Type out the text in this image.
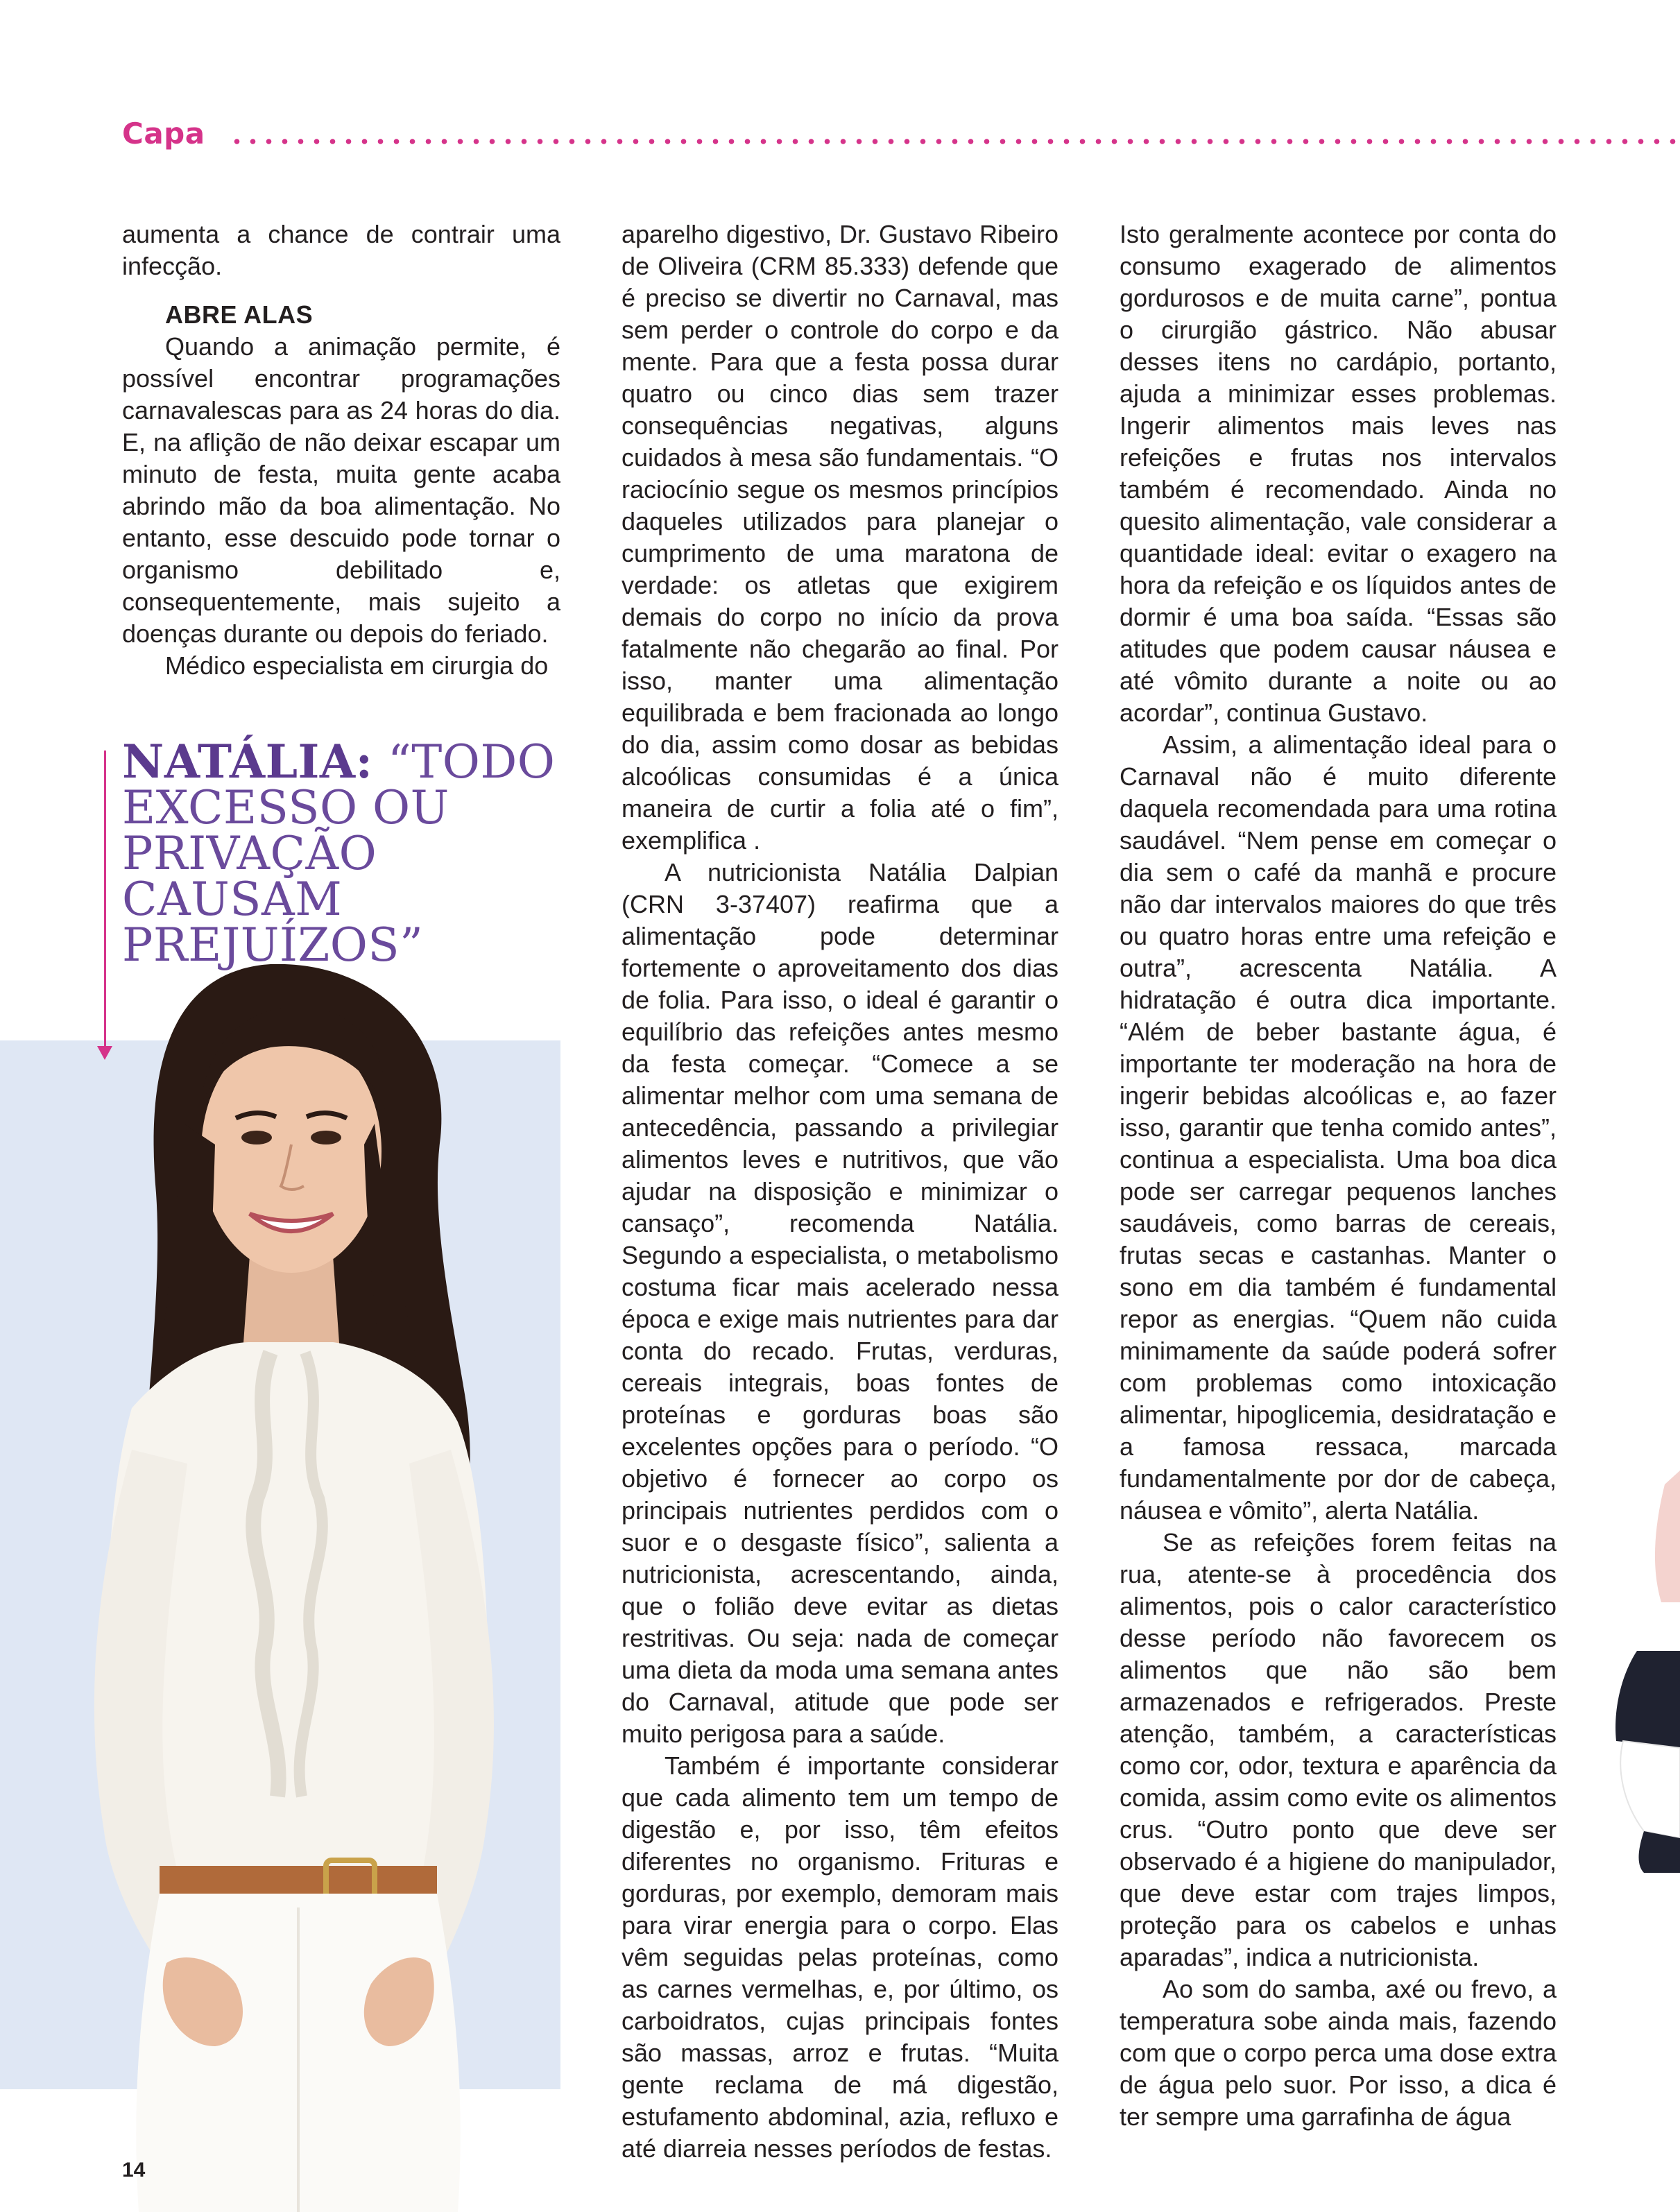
Capa

aumenta a chance de contrair uma infecção.

ABRE ALAS

Quando a animação permite, é possível encontrar programações carnavalescas para as 24 horas do dia. E, na aflição de não deixar escapar um minuto de festa, muita gente acaba abrindo mão da boa alimentação. No entanto, esse descuido pode tornar o organismo debilitado e, consequentemente, mais sujeito a doenças durante ou depois do feriado.

Médico especialista em cirurgia do

NATÁLIA: “TODO EXCESSO OU PRIVAÇÃO CAUSAM PREJUÍZOS”

aparelho digestivo, Dr. Gustavo Ribeiro de Oliveira (CRM 85.333) defende que é preciso se divertir no Carnaval, mas sem perder o controle do corpo e da mente. Para que a festa possa durar quatro ou cinco dias sem trazer consequências negativas, alguns cuidados à mesa são fundamentais. “O raciocínio segue os mesmos princípios daqueles utilizados para planejar o cumprimento de uma maratona de verdade: os atletas que exigirem demais do corpo no início da prova fatalmente não chegarão ao final. Por isso, manter uma alimentação equilibrada e bem fracionada ao longo do dia, assim como dosar as bebidas alcoólicas consumidas é a única maneira de curtir a folia até o fim”, exemplifica .

A nutricionista Natália Dalpian (CRN 3-37407) reafirma que a alimentação pode determinar fortemente o aproveitamento dos dias de folia. Para isso, o ideal é garantir o equilíbrio das refeições antes mesmo da festa começar. “Comece a se alimentar melhor com uma semana de antecedência, passando a privilegiar alimentos leves e nutritivos, que vão ajudar na disposição e minimizar o cansaço”, recomenda Natália. Segundo a especialista, o metabolismo costuma ficar mais acelerado nessa época e exige mais nutrientes para dar conta do recado. Frutas, verduras, cereais integrais, boas fontes de proteínas e gorduras boas são excelentes opções para o período. “O objetivo é fornecer ao corpo os principais nutrientes perdidos com o suor e o desgaste físico”, salienta a nutricionista, acrescentando, ainda, que o folião deve evitar as dietas restritivas. Ou seja: nada de começar uma dieta da moda uma semana antes do Carnaval, atitude que pode ser muito perigosa para a saúde.

Também é importante considerar que cada alimento tem um tempo de digestão e, por isso, têm efeitos diferentes no organismo. Frituras e gorduras, por exemplo, demoram mais para virar energia para o corpo. Elas vêm seguidas pelas proteínas, como as carnes vermelhas, e, por último, os carboidratos, cujas principais fontes são massas, arroz e frutas. “Muita gente reclama de má digestão, estufamento abdominal, azia, refluxo e até diarreia nesses períodos de festas.

Isto geralmente acontece por conta do consumo exagerado de alimentos gordurosos e de muita carne”, pontua o cirurgião gástrico. Não abusar desses itens no cardápio, portanto, ajuda a minimizar esses problemas. Ingerir alimentos mais leves nas refeições e frutas nos intervalos também é recomendado. Ainda no quesito alimentação, vale considerar a quantidade ideal: evitar o exagero na hora da refeição e os líquidos antes de dormir é uma boa saída. “Essas são atitudes que podem causar náusea e até vômito durante a noite ou ao acordar”, continua Gustavo.

Assim, a alimentação ideal para o Carnaval não é muito diferente daquela recomendada para uma rotina saudável. “Nem pense em começar o dia sem o café da manhã e procure não dar intervalos maiores do que três ou quatro horas entre uma refeição e outra”, acrescenta Natália. A hidratação é outra dica importante. “Além de beber bastante água, é importante ter moderação na hora de ingerir bebidas alcoólicas e, ao fazer isso, garantir que tenha comido antes”, continua a especialista. Uma boa dica pode ser carregar pequenos lanches saudáveis, como barras de cereais, frutas secas e castanhas. Manter o sono em dia também é fundamental repor as energias. “Quem não cuida minimamente da saúde poderá sofrer com problemas como intoxicação alimentar, hipoglicemia, desidratação e a famosa ressaca, marcada fundamentalmente por dor de cabeça, náusea e vômito”, alerta Natália.

Se as refeições forem feitas na rua, atente-se à procedência dos alimentos, pois o calor característico desse período não favorecem os alimentos que não são bem armazenados e refrigerados. Preste atenção, também, a características como cor, odor, textura e aparência da comida, assim como evite os alimentos crus. “Outro ponto que deve ser observado é a higiene do manipulador, que deve estar com trajes limpos, proteção para os cabelos e unhas aparadas”, indica a nutricionista.

Ao som do samba, axé ou frevo, a temperatura sobe ainda mais, fazendo com que o corpo perca uma dose extra de água pelo suor. Por isso, a dica é ter sempre uma garrafinha de água

14
